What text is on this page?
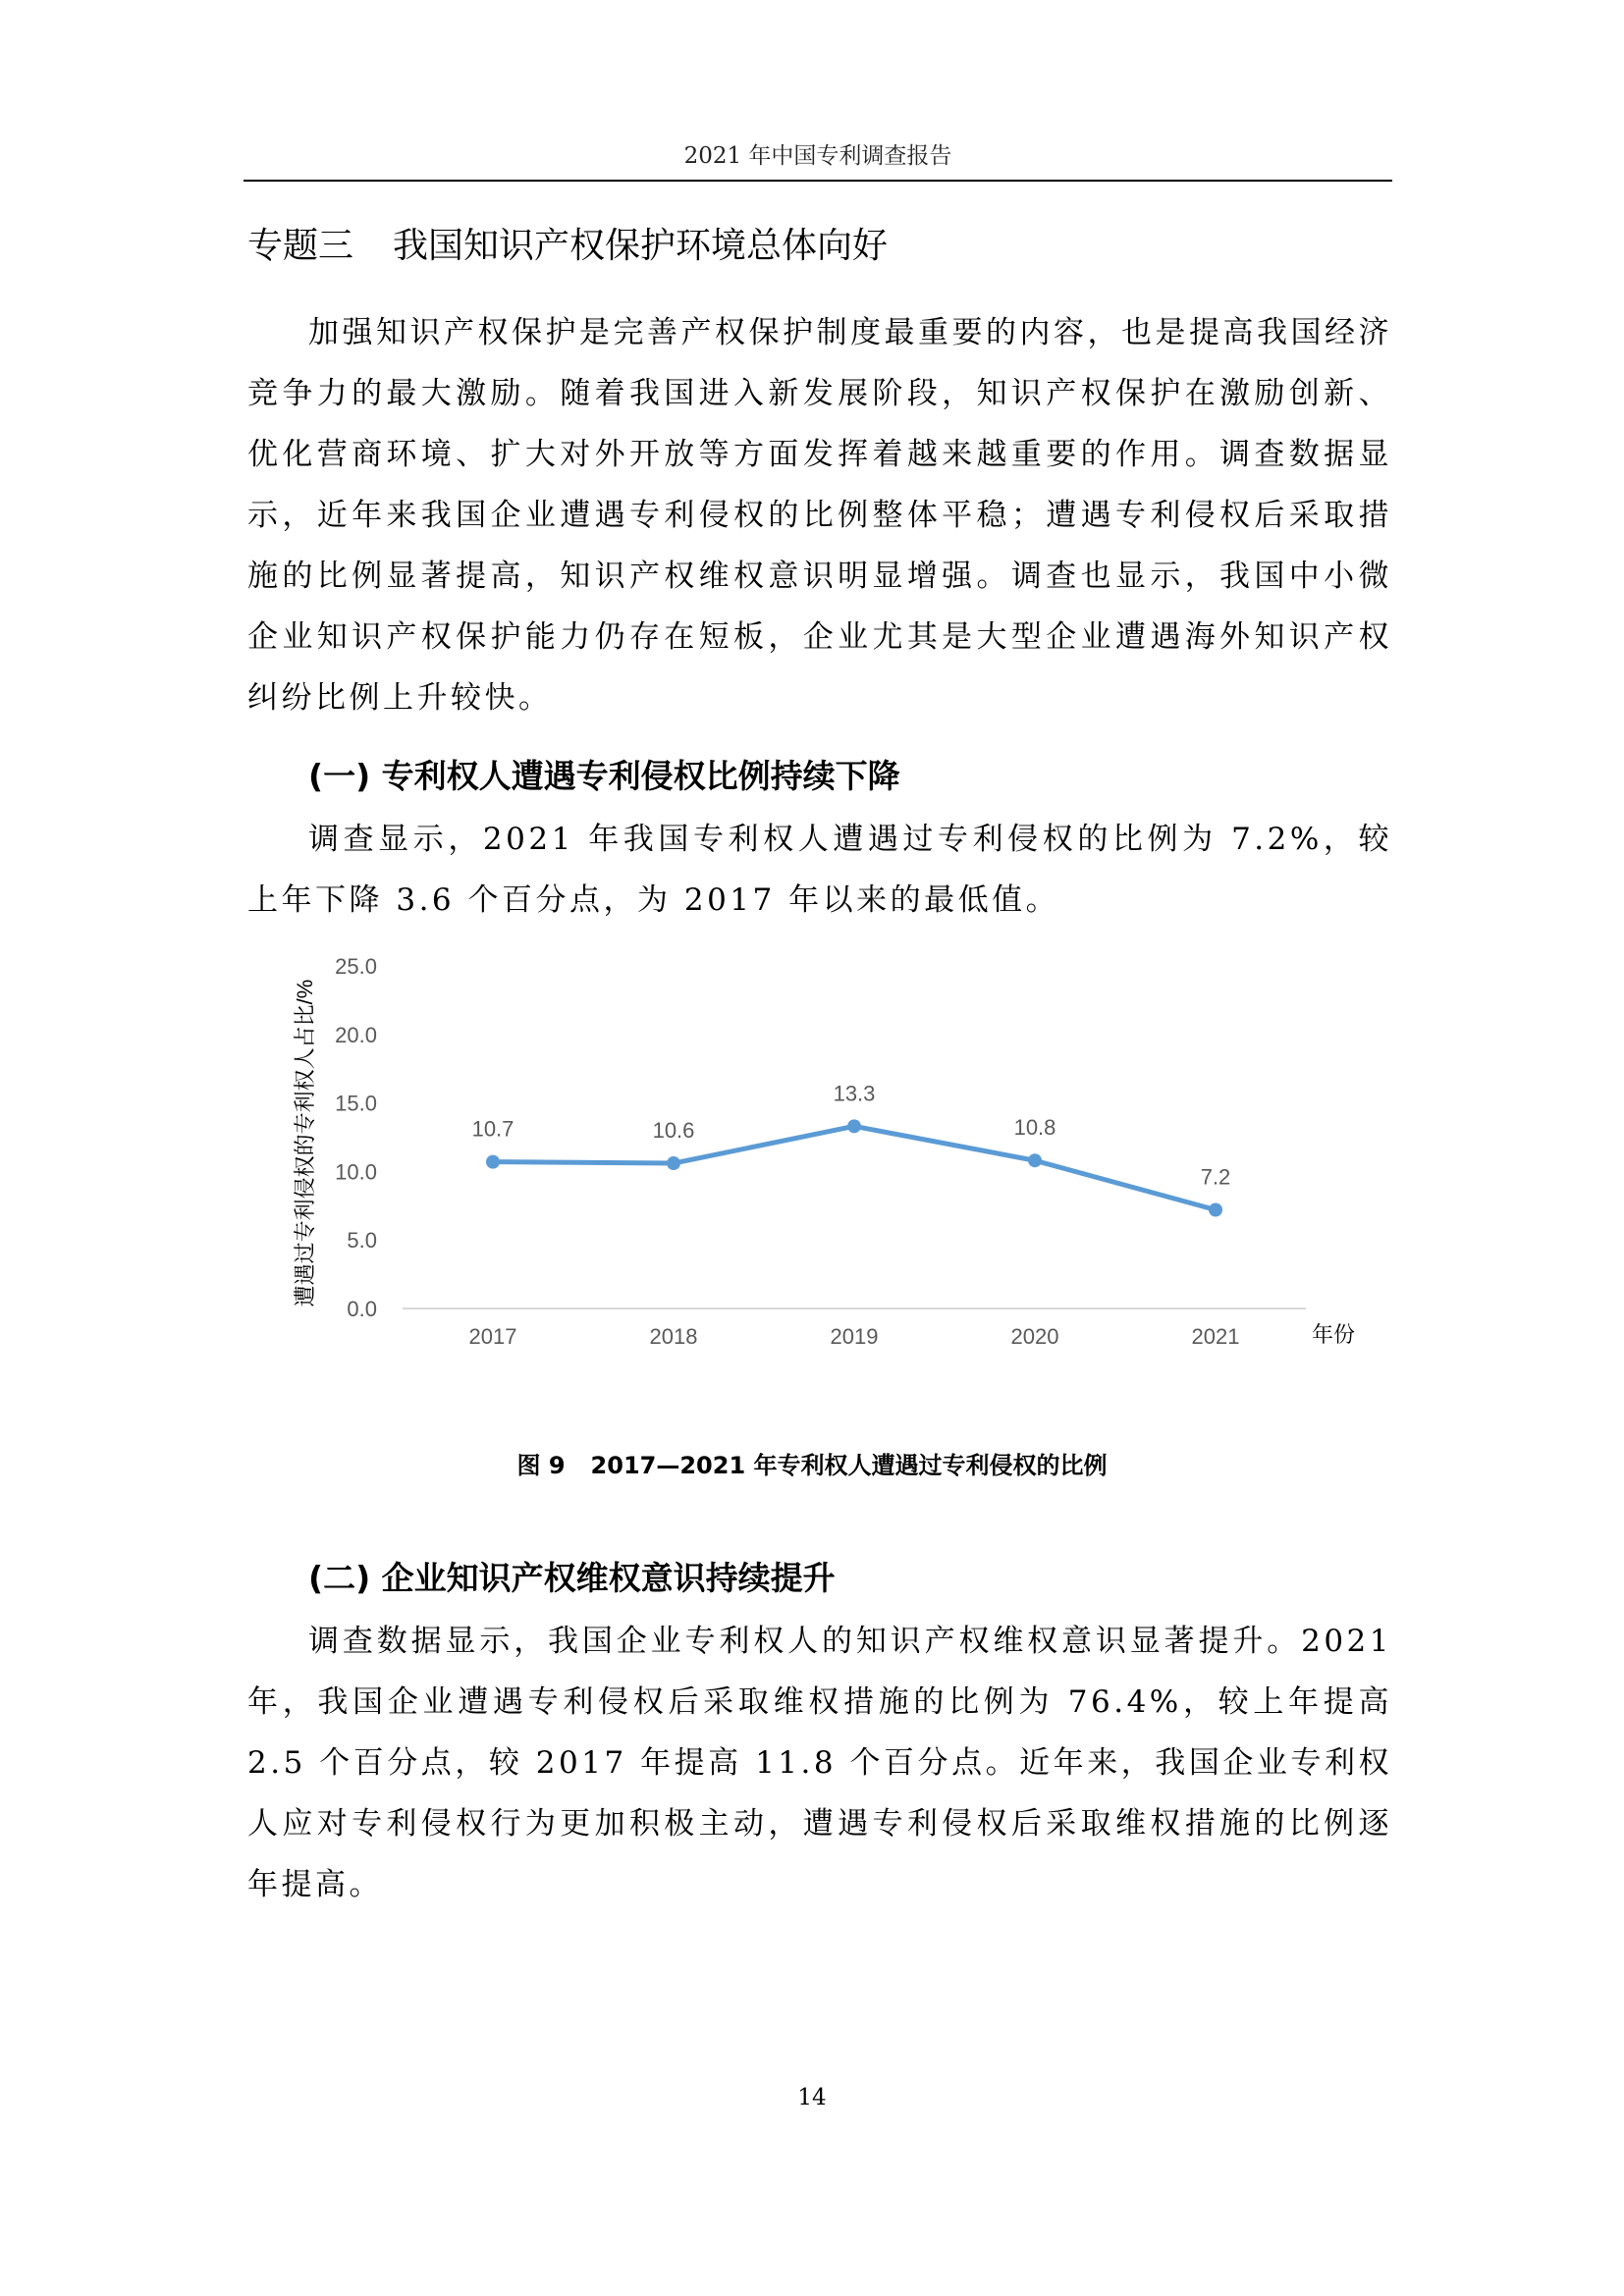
2021 年中国专利调查报告
专题三 我国知识产权保护环境总体向好

加强知识产权保护是完善产权保护制度最重要的内容，也是提高我国经济竞争力的最大激励。随着我国进入新发展阶段，知识产权保护在激励创新、优化营商环境、扩大对外开放等方面发挥着越来越重要的作用。调查数据显示，近年来我国企业遭遇专利侵权的比例整体平稳；遭遇专利侵权后采取措施的比例显著提高，知识产权维权意识明显增强。调查也显示，我国中小微企业知识产权保护能力仍存在短板，企业尤其是大型企业遭遇海外知识产权纠纷比例上升较快。

(一) 专利权人遭遇专利侵权比例持续下降

调查显示，2021 年我国专利权人遭遇过专利侵权的比例为 7.2%，较上年下降 3.6 个百分点，为 2017 年以来的最低值。

遭遇过专利侵权的专利权人占比/%
25.0
20.0
15.0
10.0
5.0
0.0
2017	2018	2019	2020	2021	年份
10.7	10.6
13.3
10.8
7.2
图 9 2017—2021 年专利权人遭遇过专利侵权的比例
(二) 企业知识产权维权意识持续提升

调查数据显示，我国企业专利权人的知识产权维权意识显著提升。2021 年，我国企业遭遇专利侵权后采取维权措施的比例为 76.4%，较上年提高 2.5 个百分点，较 2017 年提高 11.8 个百分点。近年来，我国企业专利权人应对专利侵权行为更加积极主动，遭遇专利侵权后采取维权措施的比例逐年提高。

14
